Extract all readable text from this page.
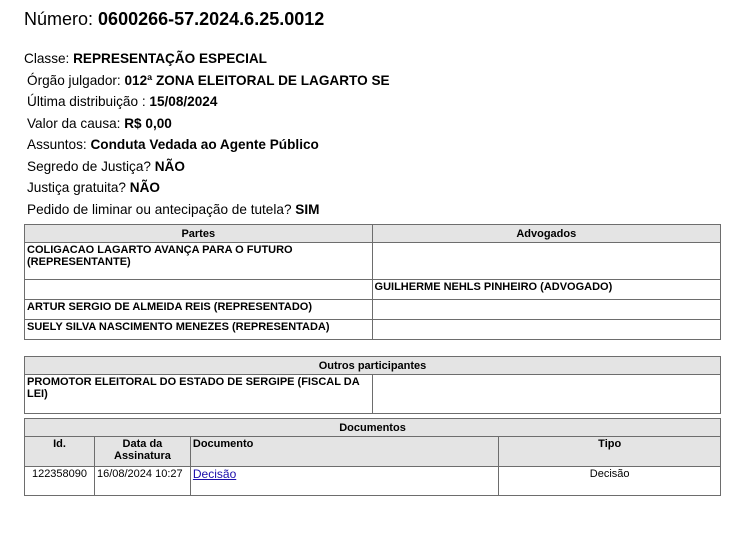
Número: 0600266-57.2024.6.25.0012
Classe: REPRESENTAÇÃO ESPECIAL
Órgão julgador: 012ª ZONA ELEITORAL DE LAGARTO SE
Última distribuição : 15/08/2024
Valor da causa: R$ 0,00
Assuntos: Conduta Vedada ao Agente Público
Segredo de Justiça? NÃO
Justiça gratuita? NÃO
Pedido de liminar ou antecipação de tutela? SIM
Partes	Advogados
COLIGACAO LAGARTO AVANÇA PARA O FUTURO (REPRESENTANTE)	
	GUILHERME NEHLS PINHEIRO (ADVOGADO)
ARTUR SERGIO DE ALMEIDA REIS (REPRESENTADO)	
SUELY SILVA NASCIMENTO MENEZES (REPRESENTADA)	
Outros participantes
PROMOTOR ELEITORAL DO ESTADO DE SERGIPE (FISCAL DA LEI)	
Documentos			
Id.	Data da Assinatura	Documento	Tipo
122358090	16/08/2024 10:27	Decisão	Decisão
